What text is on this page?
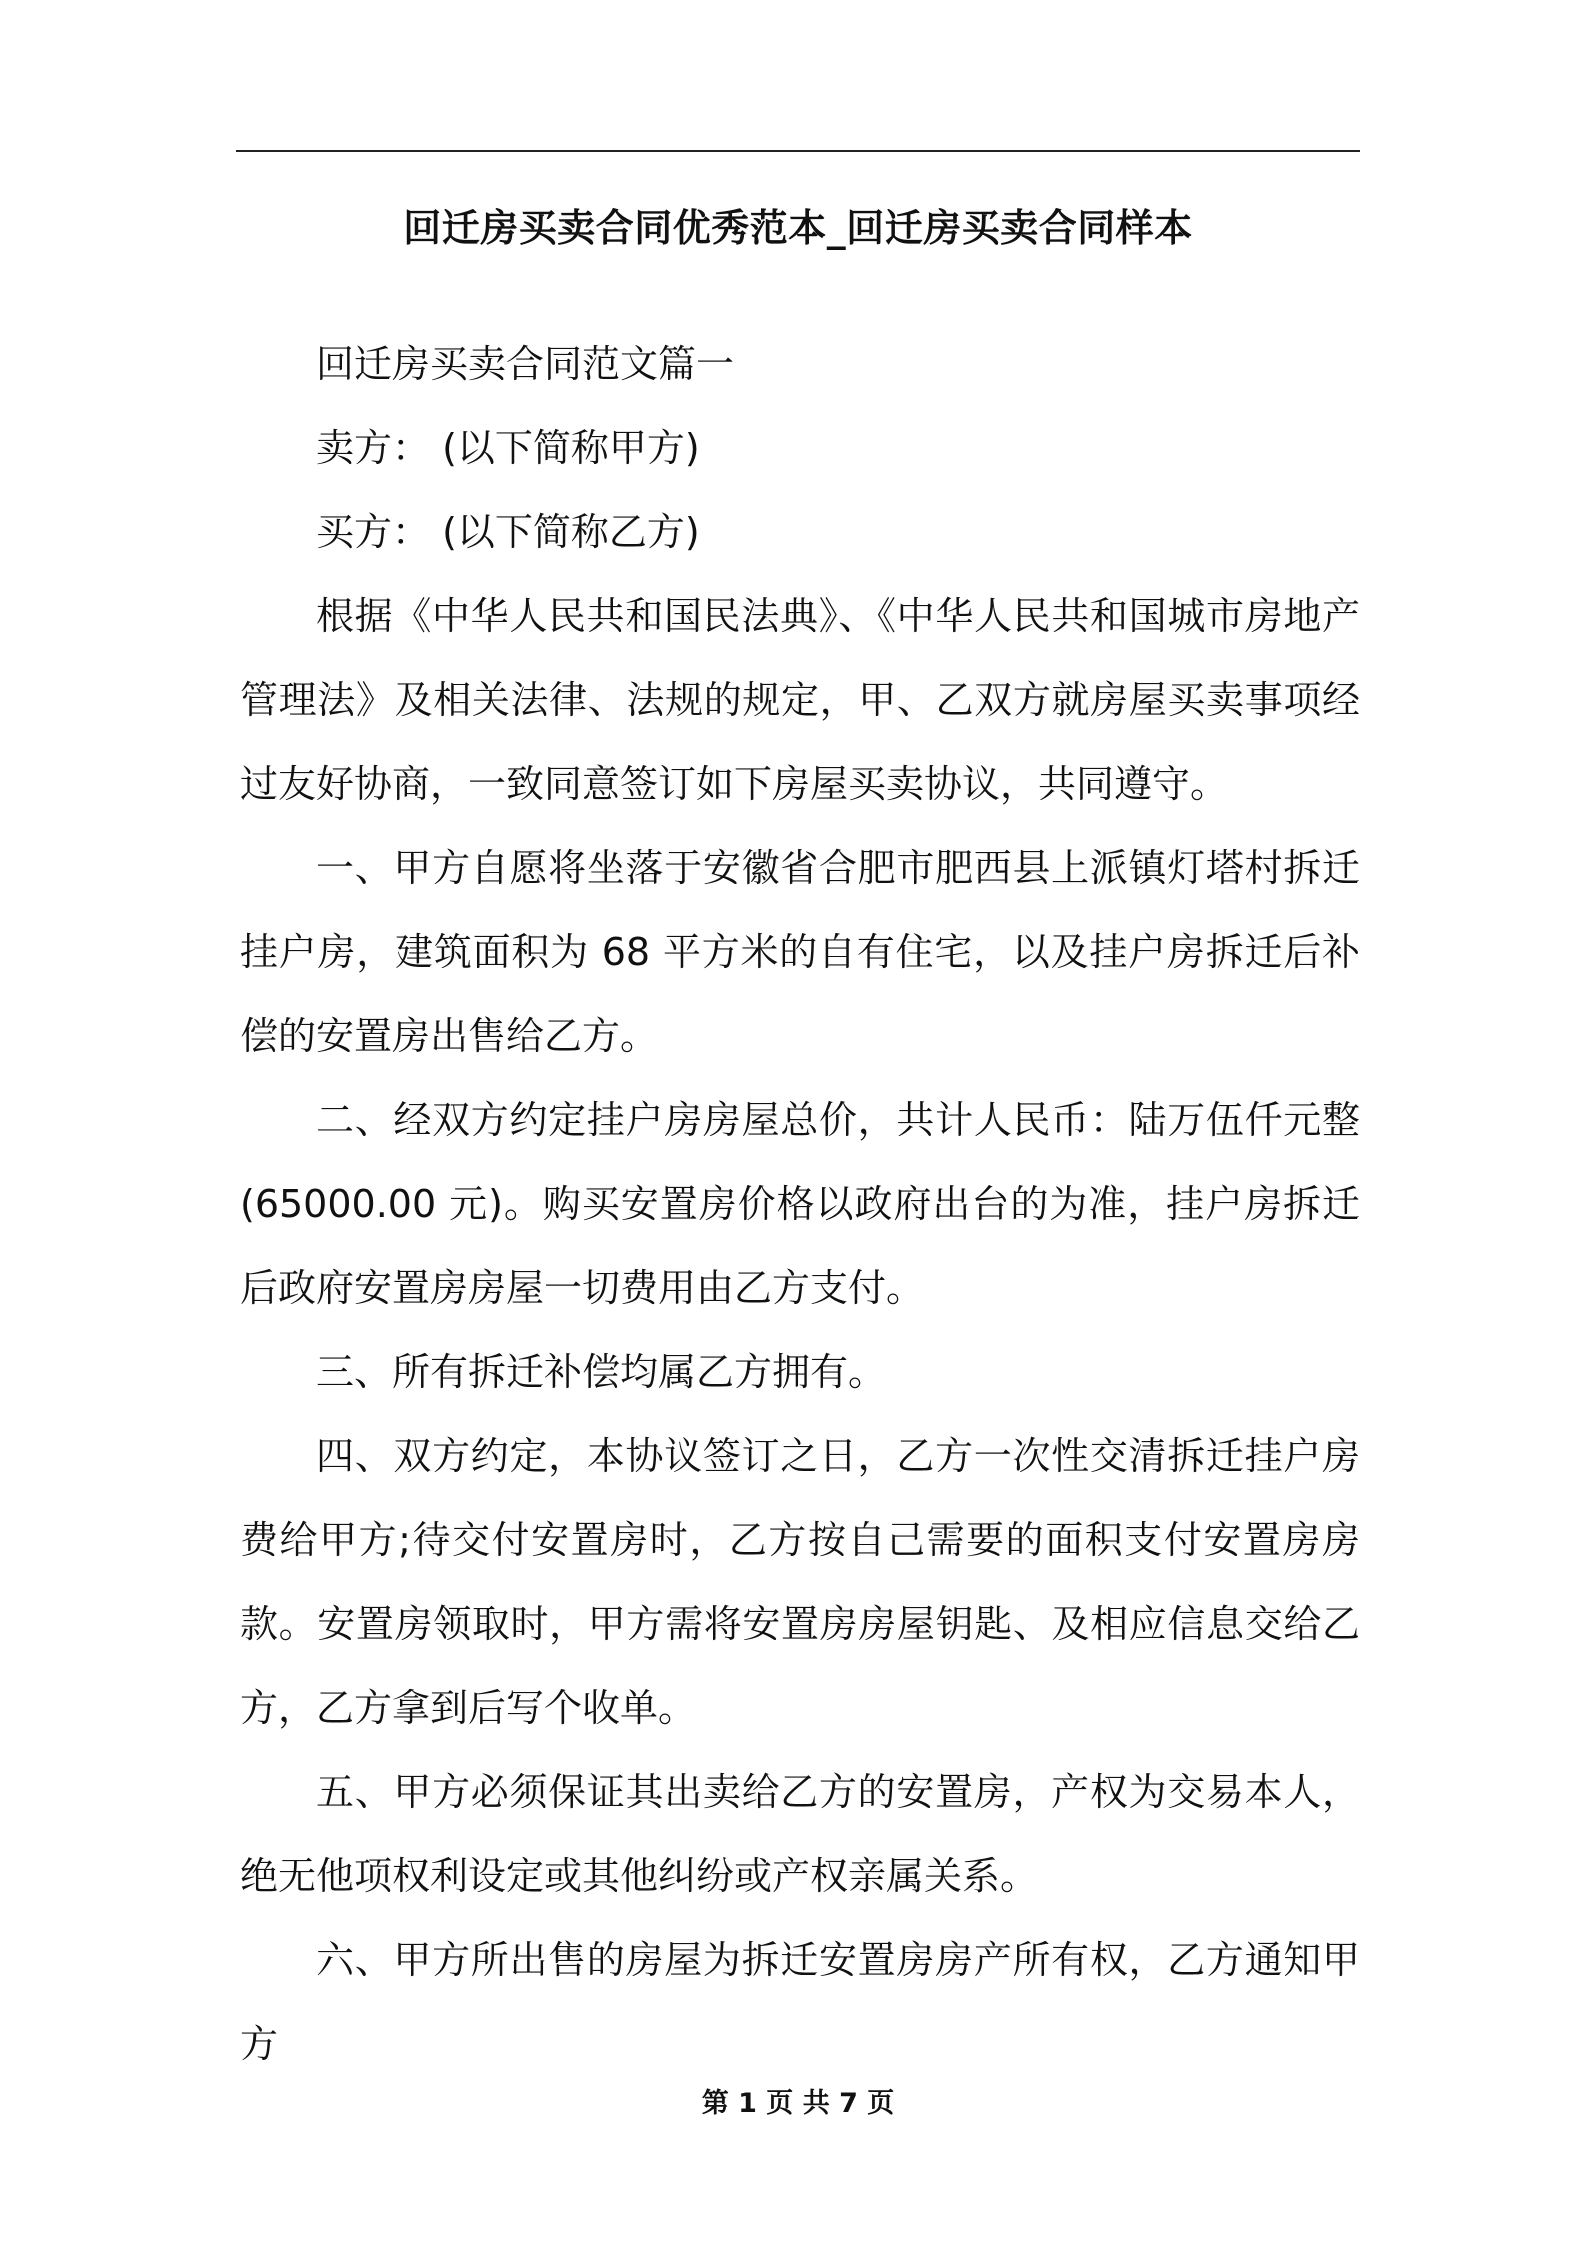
回迁房买卖合同优秀范本_回迁房买卖合同样本

回迁房买卖合同范文篇一

卖方： (以下简称甲方)

买方： (以下简称乙方)

根据《中华人民共和国民法典》、《中华人民共和国城市房地产管理法》及相关法律、法规的规定，甲、乙双方就房屋买卖事项经过友好协商，一致同意签订如下房屋买卖协议，共同遵守。

一、甲方自愿将坐落于安徽省合肥市肥西县上派镇灯塔村拆迁挂户房，建筑面积为 68 平方米的自有住宅，以及挂户房拆迁后补偿的安置房出售给乙方。

二、经双方约定挂户房房屋总价，共计人民币：陆万伍仟元整(65000.00 元)。购买安置房价格以政府出台的为准，挂户房拆迁后政府安置房房屋一切费用由乙方支付。

三、所有拆迁补偿均属乙方拥有。

四、双方约定，本协议签订之日，乙方一次性交清拆迁挂户房费给甲方;待交付安置房时，乙方按自己需要的面积支付安置房房款。安置房领取时，甲方需将安置房房屋钥匙、及相应信息交给乙方，乙方拿到后写个收单。

五、甲方必须保证其出卖给乙方的安置房，产权为交易本人，绝无他项权利设定或其他纠纷或产权亲属关系。

六、甲方所出售的房屋为拆迁安置房房产所有权，乙方通知甲方

第 1 页 共 7 页
